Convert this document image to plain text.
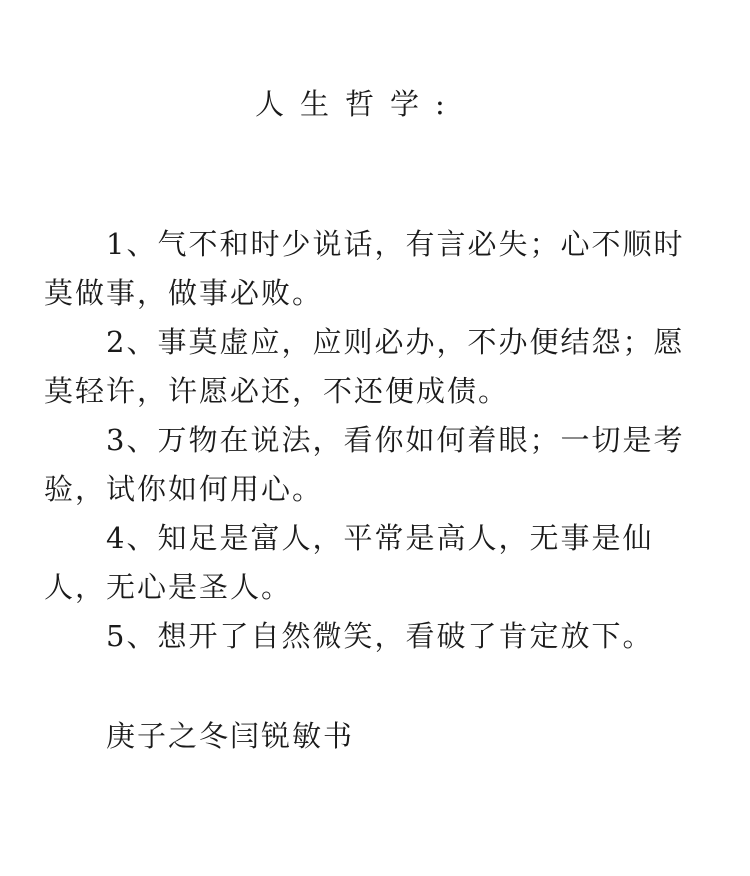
人生哲学:

1、气不和时少说话，有言必失；心不顺时莫做事，做事必败。

2、事莫虚应，应则必办，不办便结怨；愿莫轻许，许愿必还，不还便成债。

3、万物在说法，看你如何着眼；一切是考验，试你如何用心。

4、知足是富人，平常是高人，无事是仙人，无心是圣人。

5、想开了自然微笑，看破了肯定放下。

庚子之冬闫锐敏书
